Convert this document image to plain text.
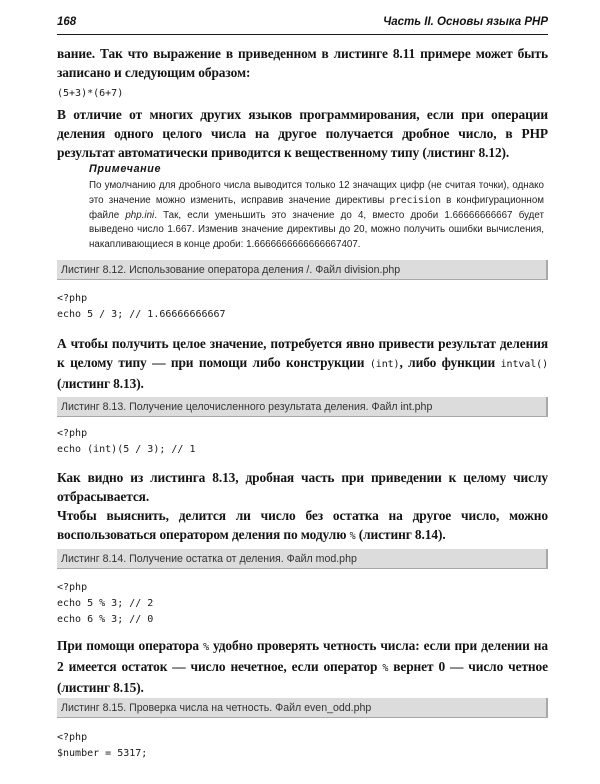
168	Часть II. Основы языка PHP
вание. Так что выражение в приведенном в листинге 8.11 примере может быть записано и следующим образом:
(5+3)*(6+7)
В отличие от многих других языков программирования, если при операции деления одного целого числа на другое получается дробное число, в PHP результат автоматически приводится к вещественному типу (листинг 8.12).
Примечание
По умолчанию для дробного числа выводится только 12 значащих цифр (не считая точки), однако это значение можно изменить, исправив значение директивы precision в конфигурационном файле php.ini. Так, если уменьшить это значение до 4, вместо дроби 1.66666666667 будет выведено число 1.667. Изменив значение директивы до 20, можно получить ошибки вычисления, накапливающиеся в конце дроби: 1.6666666666666667407.
Листинг 8.12. Использование оператора деления /. Файл division.php
<?php
echo 5 / 3; // 1.66666666667
А чтобы получить целое значение, потребуется явно привести результат деления к целому типу — при помощи либо конструкции (int), либо функции intval() (листинг 8.13).
Листинг 8.13. Получение целочисленного результата деления. Файл int.php
<?php
echo (int)(5 / 3); // 1
Как видно из листинга 8.13, дробная часть при приведении к целому числу отбрасывается.
Чтобы выяснить, делится ли число без остатка на другое число, можно воспользоваться оператором деления по модулю % (листинг 8.14).
Листинг 8.14. Получение остатка от деления. Файл mod.php
<?php
echo 5 % 3; // 2
echo 6 % 3; // 0
При помощи оператора % удобно проверять четность числа: если при делении на 2 имеется остаток — число нечетное, если оператор % вернет 0 — число четное (листинг 8.15).
Листинг 8.15. Проверка числа на четность. Файл even_odd.php
<?php
$number = 5317;
